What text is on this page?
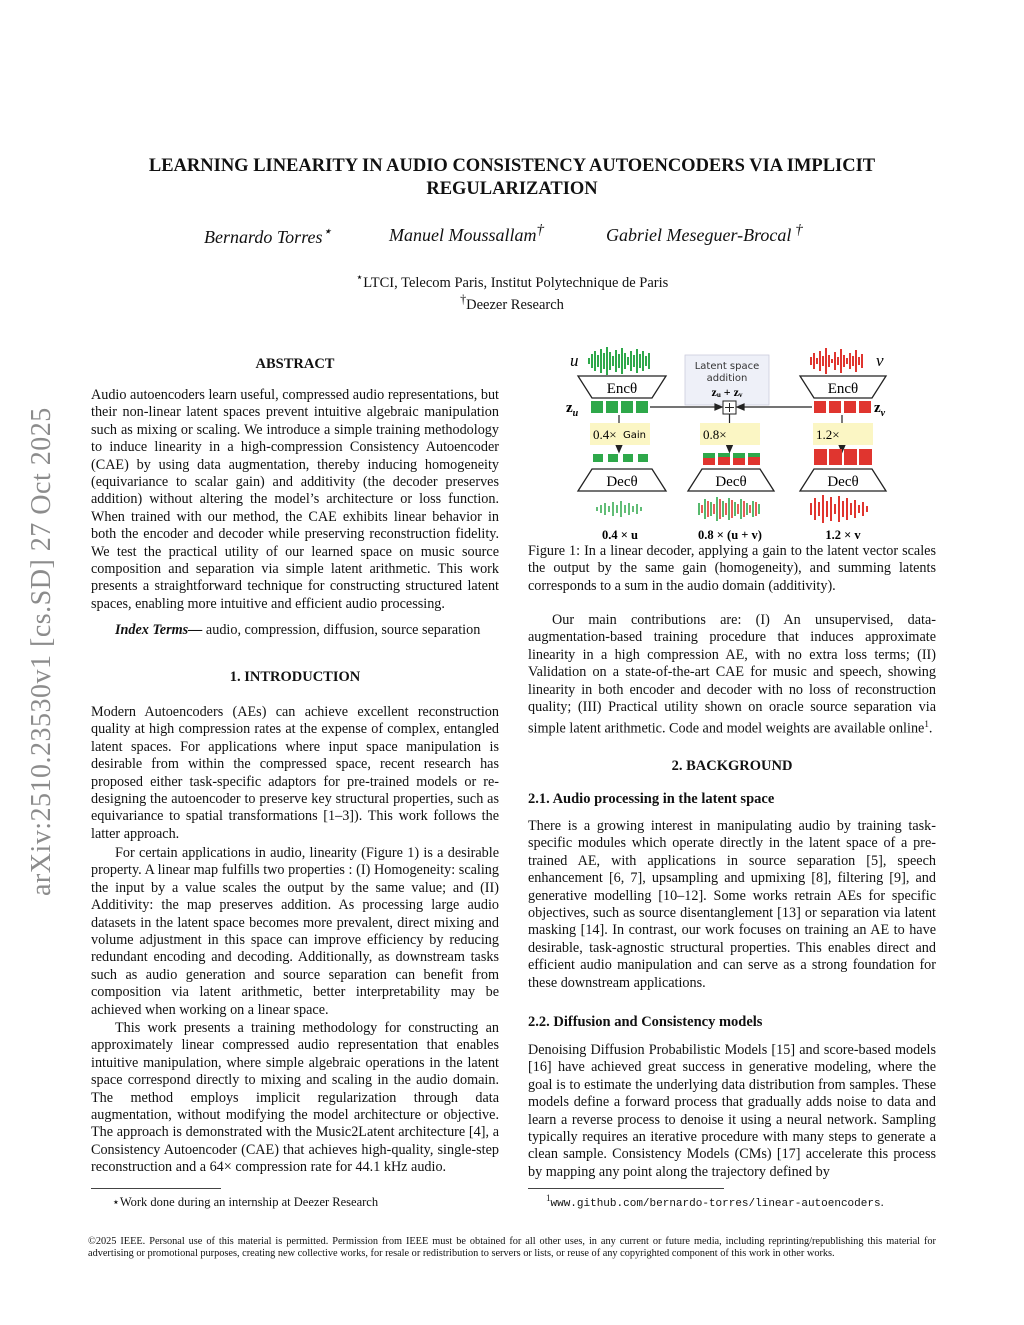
arXiv:2510.23530v1 [cs.SD] 27 Oct 2025
LEARNING LINEARITY IN AUDIO CONSISTENCY AUTOENCODERS VIA IMPLICIT
REGULARIZATION
Bernardo Torres⋆	Manuel Moussallam†	Gabriel Meseguer-Brocal †
⋆LTCI, Telecom Paris, Institut Polytechnique de Paris
†Deezer Research
ABSTRACT

Audio autoencoders learn useful, compressed audio representations, but their non-linear latent spaces prevent intuitive algebraic manipulation such as mixing or scaling. We introduce a simple training methodology to induce linearity in a high-compression Consistency Autoencoder (CAE) by using data augmentation, thereby inducing homogeneity (equivariance to scalar gain) and additivity (the decoder preserves addition) without altering the model’s architecture or loss function. When trained with our method, the CAE exhibits linear behavior in both the encoder and decoder while preserving reconstruction fidelity. We test the practical utility of our learned space on music source composition and separation via simple latent arithmetic. This work presents a straightforward technique for constructing structured latent spaces, enabling more intuitive and efficient audio processing.

Index Terms— audio, compression, diffusion, source separation

1. INTRODUCTION

Modern Autoencoders (AEs) can achieve excellent reconstruction quality at high compression rates at the expense of complex, entangled latent spaces. For applications where input space manipulation is desirable from within the compressed space, recent research has proposed either task-specific adaptors for pre-trained models or re-designing the autoencoder to preserve key structural properties, such as equivariance to spatial transformations [1–3]). This work follows the latter approach.

For certain applications in audio, linearity (Figure 1) is a desirable property. A linear map fulfills two properties : (I) Homogeneity: scaling the input by a value scales the output by the same value; and (II) Additivity: the map preserves addition. As processing large audio datasets in the latent space becomes more prevalent, direct mixing and volume adjustment in this space can improve efficiency by reducing redundant encoding and decoding. Additionally, as downstream tasks such as audio generation and source separation can benefit from composition via latent arithmetic, better interpretability may be achieved when working on a linear space.

This work presents a training methodology for constructing an approximately linear compressed audio representation that enables intuitive manipulation, where simple algebraic operations in the latent space correspond directly to mixing and scaling in the audio domain. The method employs implicit regularization through data augmentation, without modifying the model architecture or objective. The approach is demonstrated with the Music2Latent architecture [4], a Consistency Autoencoder (CAE) that achieves high-quality, single-step reconstruction and a 64× compression rate for 44.1 kHz audio.

⋆Work done during an internship at Deezer Research
u	v
Encθ	Encθ
$z_u$	$z_v$
Latent space
addition
zᵤ + zᵥ
0.4× Gain	0.8×	1.2×
Decθ	Decθ	Decθ
0.4 × u	0.8 × (u + v)	1.2 × v

Figure 1: In a linear decoder, applying a gain to the latent vector scales the output by the same gain (homogeneity), and summing latents corresponds to a sum in the audio domain (additivity).

Our main contributions are: (I) An unsupervised, data-augmentation-based training procedure that induces approximate linearity in a high compression AE, with no extra loss terms; (II) Validation on a state-of-the-art CAE for music and speech, showing linearity in both encoder and decoder with no loss of reconstruction quality; (III) Practical utility shown on oracle source separation via simple latent arithmetic. Code and model weights are available online$^1$.

2. BACKGROUND
2.1. Audio processing in the latent space

There is a growing interest in manipulating audio by training task-specific modules which operate directly in the latent space of a pre-trained AE, with applications in source separation [5], speech enhancement [6, 7], upsampling and upmixing [8], filtering [9], and generative modelling [10–12]. Some works retrain AEs for specific objectives, such as source disentanglement [13] or separation via latent masking [14]. In contrast, our work focuses on training an AE to have desirable, task-agnostic structural properties. This enables direct and efficient audio manipulation and can serve as a strong foundation for these downstream applications.

2.2. Diffusion and Consistency models

Denoising Diffusion Probabilistic Models [15] and score-based models [16] have achieved great success in generative modeling, where the goal is to estimate the underlying data distribution from samples. These models define a forward process that gradually adds noise to data and learn a reverse process to denoise it using a neural network. Sampling typically requires an iterative procedure with many steps to generate a clean sample. Consistency Models (CMs) [17] accelerate this process by mapping any point along the trajectory defined by

$^1$www.github.com/bernardo-torres/linear-autoencoders.
©2025 IEEE. Personal use of this material is permitted. Permission from IEEE must be obtained for all other uses, in any current or future media, including reprinting/republishing this material for advertising or promotional purposes, creating new collective works, for resale or redistribution to servers or lists, or reuse of any copyrighted component of this work in other works.
